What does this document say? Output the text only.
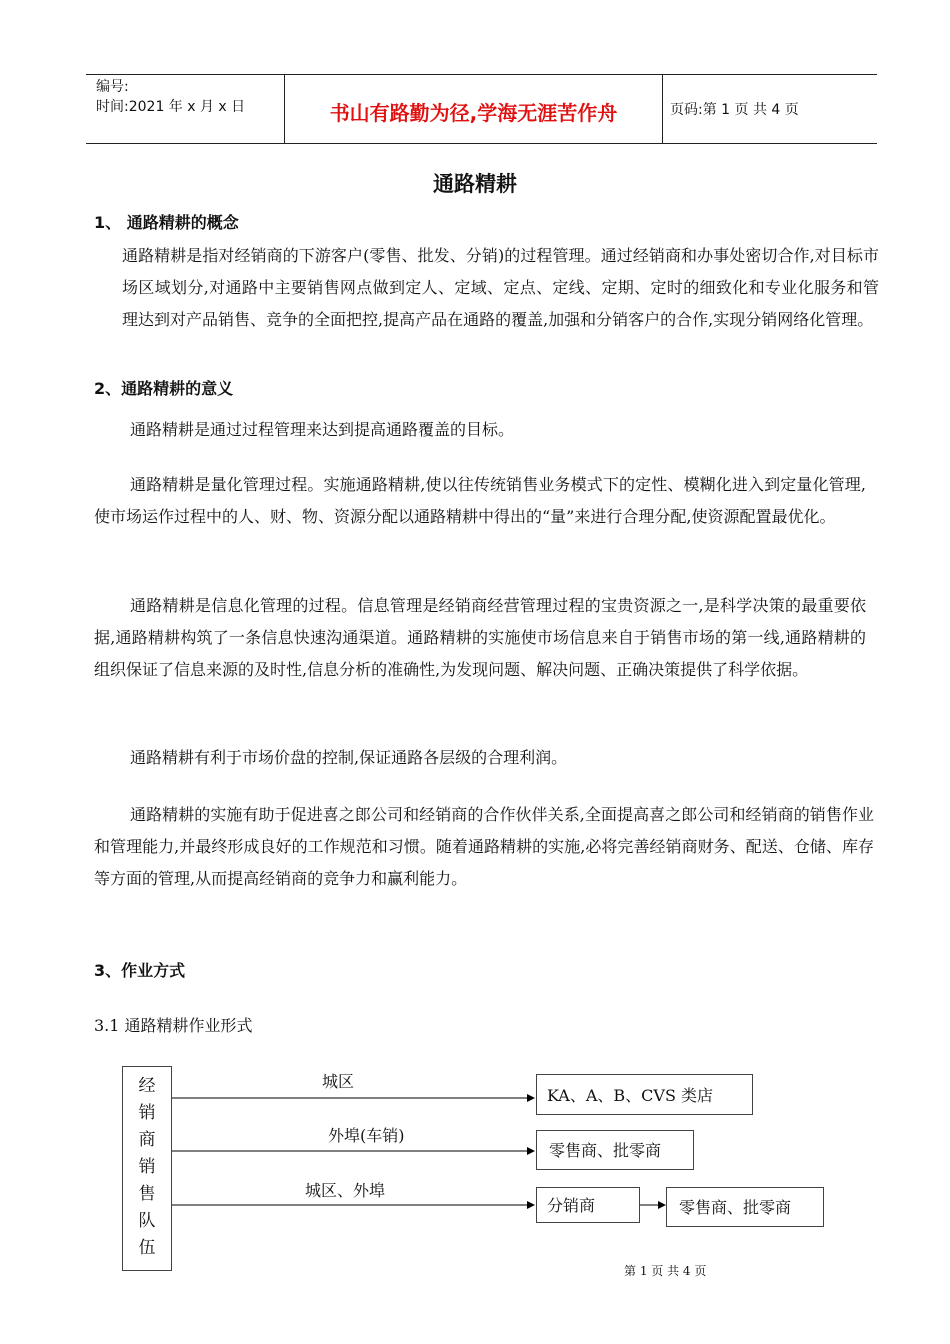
编号:
时间:2021 年 x 月 x 日	书山有路勤为径,学海无涯苦作舟	页码:第 1 页 共 4 页
通路精耕
1、 通路精耕的概念
通路精耕是指对经销商的下游客户(零售、批发、分销)的过程管理。通过经销商和办事处密切合作,对目标市场区域划分,对通路中主要销售网点做到定人、定域、定点、定线、定期、定时的细致化和专业化服务和管理达到对产品销售、竞争的全面把控,提高产品在通路的覆盖,加强和分销客户的合作,实现分销网络化管理。
2、通路精耕的意义
通路精耕是通过过程管理来达到提高通路覆盖的目标。
通路精耕是量化管理过程。实施通路精耕,使以往传统销售业务模式下的定性、模糊化进入到定量化管理,使市场运作过程中的人、财、物、资源分配以通路精耕中得出的“量”来进行合理分配,使资源配置最优化。
通路精耕是信息化管理的过程。信息管理是经销商经营管理过程的宝贵资源之一,是科学决策的最重要依据,通路精耕构筑了一条信息快速沟通渠道。通路精耕的实施使市场信息来自于销售市场的第一线,通路精耕的组织保证了信息来源的及时性,信息分析的准确性,为发现问题、解决问题、正确决策提供了科学依据。
通路精耕有利于市场价盘的控制,保证通路各层级的合理利润。
通路精耕的实施有助于促进喜之郎公司和经销商的合作伙伴关系,全面提高喜之郎公司和经销商的销售作业和管理能力,并最终形成良好的工作规范和习惯。随着通路精耕的实施,必将完善经销商财务、配送、仓储、库存等方面的管理,从而提高经销商的竞争力和赢利能力。
3、作业方式
3.1 通路精耕作业形式
经销商销售队伍
城区
外埠(车销)
城区、外埠
KA、A、B、CVS 类店
零售商、批零商
分销商	零售商、批零商
第 1 页 共 4 页
